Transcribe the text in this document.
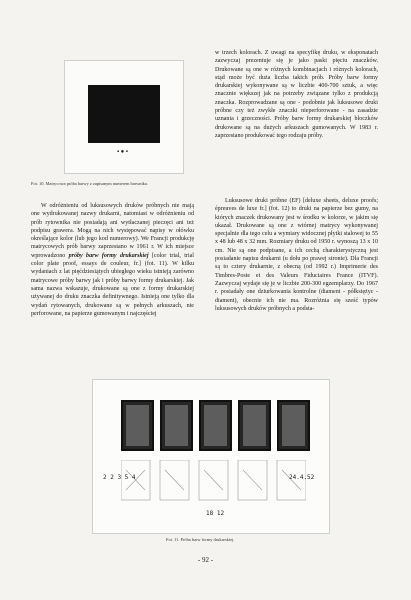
▪ ● ▪
Fot. 10. Matrycowa próba barwy z zapisanym numerem barwnika.

W odróżnieniu od luksusowych druków próbnych nie mają one wydrukowanej nazwy drukarni, natomiast w odróżnieniu od prób rytownika nie posiadają ani wytłaczanej pieczęci ani też podpisu grawera. Mogą na nich występować napisy w ołówku określające kolor (lub jego kod numerowy). We Francji produkcję matrycowych prób barwy zaprzestano w 1961 r. W ich miejsce wprowadzono próby barw formy drukarskiej [color trial, trial color plate proof, essays de couleur, fr.] (fot. 11). W kilku wydaniach z lat pięćdziesiątych ubiegłego wieku istnieją zarówno matrycowe próby barwy jak i próby barwy formy drukarskiej. Jak sama nazwa wskazuje, drukowane są one z formy drukarskiej używanej do druku znaczka definitywnego. Istnieją one tylko dla wydań rytowanych, drukowane są w pełnych arkuszach, nie perforowane, na papierze gumowanym i najczęściej

w trzech kolorach. Z uwagi na specyfikę druku, w eksponatach zazwyczaj prezentuje się je jako paski pięciu znaczków. Drukowane są one w różnych kombinacjach i różnych kolorach, stąd może być duża liczba takich prób. Próby barw formy drukarskiej wykonywane są w liczbie 400-700 sztuk, a więc znacznie większej jak na potrzeby związane tylko z produkcją znaczka. Rozprowadzane są one - podobnie jak luksusowe druki próbne czy też zwykłe znaczki nieperforowane - na zasadzie uznania i grzeczności. Próby barw formy drukarskiej bloczków drukowane są na dużych arkuszach gumowanych. W 1983 r. zaprzestano produkować tego rodzaju próby.

Luksusowe druki próbne (EF) [deluxe sheets, deluxe proofs; épreuves de luxe fr.] (fot. 12) to druki na papierze bez gumy, na których znaczek drukowany jest w środku w kolorze, w jakim się ukazał. Drukowane są one z wtórnej matrycy wykonywanej specjalnie dla tego celu a wymiary widocznej płytki stalowej to 55 x 48 lub 48 x 32 mm. Rozmiary druku od 1950 r. wynoszą 13 x 10 cm. Nie są one podpisane, a ich cechą charakterystyczną jest posiadanie napisu drukarni (u dołu po prawej stronie). Dla Francji są to cztery drukarnie, z obecną (od 1992 r.) Imprimerie des Timbres-Poste et des Valeurs Fiduciaires France (ITVF). Zazwyczaj wydaje się je w liczbie 200-300 egzemplarzy. Do 1967 r. posiadały one dziurkowania kontrolne (diament - półksiężyc - diament), obecnie ich nie ma. Rozróżnia się sześć typów luksusowych druków próbnych a podsta-

2 2 3 5 4
18 12
24.4.52
Fot. 11. Próba barw formy drukarskiej.
- 92 -
